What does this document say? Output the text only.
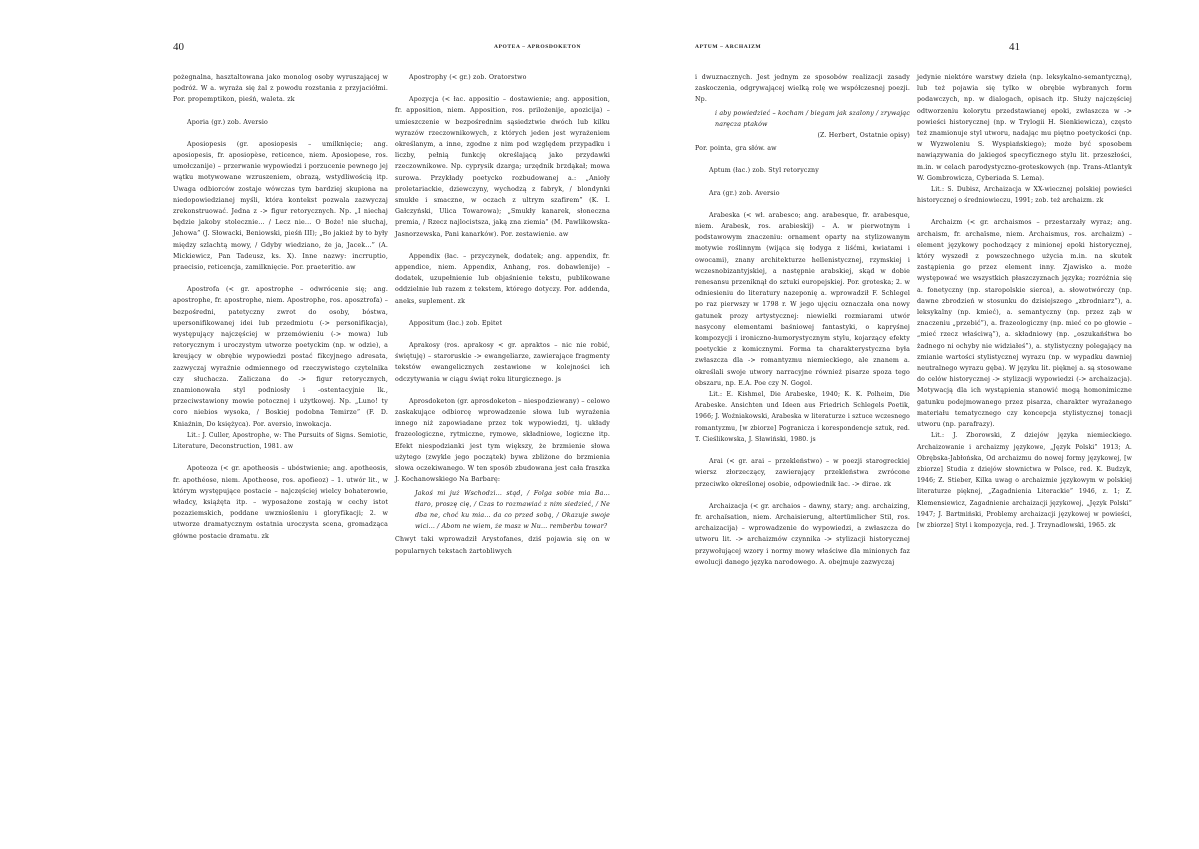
40	APOTEA – APROSDOKETON	APTUM – ARCHAIZM	41

pożegnalna, hasztaltowana jako monolog osoby wyruszającej w podróż. W a. wyraża się żal z powodu rozstania z przyjaciółmi. Por. propemptikon, pieśń, waleta. zk

Aporia (gr.) zob. Aversio

Aposiopesis (gr. aposiopesis – umilknięcie; ang. aposiopesis, fr. aposiopèse, reticence, niem. Aposiopese, ros. umołczanije) – przerwanie wypowiedzi i porzucenie pewnego jej wątku motywowane wzruszeniem, obrazą, wstydliwością itp. Uwaga odbiorców zostaje wówczas tym bardziej skupiona na niedopowiedzianej myśli, która kontekst pozwala zazwyczaj zrekonstruować. Jedna z -> figur retorycznych. Np. „I niechaj będzie jakoby stolecznie... / Lecz nie... O Boże! nie słuchaj, Jehowa” (J. Słowacki, Beniowski, pieśń III); „Bo jakież by to były między szlachtą mowy, / Gdyby wiedziano, że ja, Jacek...” (A. Mickiewicz, Pan Tadeusz, ks. X). Inne nazwy: incrruptio, praecisio, reticencja, zamilknięcie. Por. praeteritio. aw

Apostrofa (< gr. apostrophe – odwrócenie się; ang. apostrophe, fr. apostrophe, niem. Apostrophe, ros. aposztrofa) – bezpośredni, patetyczny zwrot do osoby, bóstwa, upersonifikowanej idei lub przedmiotu (-> personifikacja), występujący najczęściej w przemówieniu (-> mowa) lub retorycznym i uroczystym utworze poetyckim (np. w odzie), a kreujący w obrębie wypowiedzi postać fikcyjnego adresata, zazwyczaj wyraźnie odmiennego od rzeczywistego czytelnika czy słuchacza. Zaliczana do -> figur retorycznych, znamionowała styl podniosły i -ostentacyjnie lk., przeciwstawiony mowie potocznej i użytkowej. Np. „Luno! ty coro niebios wysoka, / Boskiej podobna Temirze” (F. D. Kniaźnin, Do księżyca). Por. aversio, inwokacja.

Lit.: J. Culler, Apostrophe, w: The Pursuits of Signs. Semiotic, Literature, Deconstruction, 1981. aw

Apoteoza (< gr. apotheosis – ubóstwienie; ang. apotheosis, fr. apothéose, niem. Apotheose, ros. apofieoz) – 1. utwór lit., w którym występujące postacie – najczęściej wielcy bohaterowie, władcy, książęta itp. – wyposażone zostają w cechy istot pozaziemskich, poddane uwzniośleniu i gloryfikacji; 2. w utworze dramatycznym ostatnia uroczysta scena, gromadząca główne postacie dramatu. zk

Apostrophy (< gr.) zob. Oratorstwo

Apozycja (< łac. appositio – dostawienie; ang. apposition, fr. apposition, niem. Apposition, ros. prilożenije, apozicija) – umieszczenie w bezpośrednim sąsiedztwie dwóch lub kilku wyrazów rzeczownikowych, z których jeden jest wyrażeniem określanym, a inne, zgodne z nim pod względem przypadku i liczby, pełnią funkcję określającą jako przydawki rzeczownikowe. Np. cyprysik dzarga; urzędnik brzdąkał; mowa surowa. Przykłady poetycko rozbudowanej a.: „Anioły proletariackie, dziewczyny, wychodzą z fabryk, / blondynki smukłe i smaczne, w oczach z ultrym szafirem” (K. I. Gałczyński, Ulica Towarowa); „Smukły kanarek, słoneczna premia, / Rzecz najlocistsza, jaką zna ziemia” (M. Pawlikowska-Jasnorzewska, Pani kanarków). Por. zestawienie. aw

Appendix (łac. – przyczynek, dodatek; ang. appendix, fr. appendice, niem. Appendix, Anhang, ros. dobawlenije) – dodatek, uzupełnienie lub objaśnienie tekstu, publikowane oddzielnie lub razem z tekstem, którego dotyczy. Por. addenda, aneks, suplement. zk

Appositum (łac.) zob. Epitet

Aprakosy (ros. aprakosy < gr. apraktos – nic nie robić, świętuję) – staroruskie -> ewangeliarze, zawierające fragmenty tekstów ewangelicznych zestawione w kolejności ich odczytywania w ciągu świąt roku liturgicznego. js

Aprosdoketon (gr. aprosdoketon – niespodziewany) – celowo zaskakujące odbiorcę wprowadzenie słowa lub wyrażenia innego niż zapowiadane przez tok wypowiedzi, tj. układy frazeologiczne, rytmiczne, rymowe, składniowe, logiczne itp. Efekt niespodzianki jest tym większy, że brzmienie słowa użytego (zwykle jego początek) bywa zbliżone do brzmienia słowa oczekiwanego. W ten sposób zbudowana jest cała fraszka J. Kochanowskiego Na Barbarę:

Jakoś mi już Wschodzi... stąd, / Folga sobie mia Ba... tłaro, proszę cię, / Czas to rozmawiać z nim siedzieć, / Ne dba ne, choć ku mia... da co przed sobą, / Okazuje swoje wici... / Abom ne wiem, że masz w Nu... remberbu towar?

Chwyt taki wprowadził Arystofanes, dziś pojawia się on w popularnych tekstach żartobliwych

i dwuznacznych. Jest jednym ze sposobów realizacji zasady zaskoczenia, odgrywającej wielką rolę we współczesnej poezji. Np.

i aby powiedzieć – kocham / biegam jak szalony / zrywając naręcza ptaków

(Z. Herbert, Ostatnie opisy)

Por. pointa, gra słów. aw

Aptum (łac.) zob. Styl retoryczny

Ara (gr.) zob. Aversio

Arabeska (< wł. arabesco; ang. arabesque, fr. arabesque, niem. Arabesk, ros. arabieskij) – A. w pierwotnym i podstawowym znaczeniu: ornament oparty na stylizowanym motywie roślinnym (wijąca się łodyga z liśćmi, kwiatami i owocami), znany architekturze hellenistycznej, rzymskiej i wczesnobizantyjskiej, a następnie arabskiej, skąd w dobie renesansu przeniknął do sztuki europejskiej. Por. groteska; 2. w odniesieniu do literatury nazeponię a. wprowadził F. Schlegel po raz pierwszy w 1798 r. W jego ujęciu oznaczała ona nowy gatunek prozy artystycznej: niewielki rozmiarami utwór nasycony elementami baśniowej fantastyki, o kapryśnej kompozycji i ironiczno-humorystycznym stylu, kojarzący efekty poetyckie z komicznymi. Forma ta charakterystyczna była zwłaszcza dla -> romantyzmu niemieckiego, ale znanem a. określali swoje utwory narracyjne również pisarze spoza tego obszaru, np. E.A. Poe czy N. Gogol.

Lit.: E. Kishmel, Die Arabeske, 1940; K. K. Polheim, Die Arabeske. Ansichten und Ideen aus Friedrich Schlegels Poetik, 1966; J. Woźniakowski, Arabeska w literaturze i sztuce wczesnego romantyzmu, [w zbiorze] Pogranicza i korespondencje sztuk, red. T. Cieślikowska, J. Sławiński, 1980. js

Arai (< gr. arai – przekleństwo) – w poezji starogreckiej wiersz złorzeczący, zawierający przekleństwa zwrócone przeciwko określonej osobie, odpowiednik łac. -> dirae. zk

Archaizacja (< gr. archaios – dawny, stary; ang. archaizing, fr. archaïsation, niem. Archaisierung, altertümlicher Stil, ros. archaizacija) – wprowadzenie do wypowiedzi, a zwłaszcza do utworu lit. -> archaizmów czynnika -> stylizacji historycznej przywołującej wzory i normy mowy właściwe dla minionych faz ewolucji danego języka narodowego. A. obejmuje zazwyczaj

jedynie niektóre warstwy dzieła (np. leksykalno-semantyczną), lub też pojawia się tylko w obrębie wybranych form podawczych, np. w dialogach, opisach itp. Służy najczęściej odtworzeniu kolorytu przedstawianej epoki, zwłaszcza w -> powieści historycznej (np. w Trylogii H. Sienkiewicza), często też znamionuje styl utworu, nadając mu piętno poetyckości (np. w Wyzwoleniu S. Wyspiańskiego); może być sposobem nawiązywania do jakiegoś specyficznego stylu lit. przeszłości, m.in. w celach parodystyczno-groteskowych (np. Trans-Atlantyk W. Gombrowicza, Cyberiada S. Lema).

Lit.: S. Dubisz, Archaizacja w XX-wiecznej polskiej powieści historycznej o średniowieczu, 1991; zob. też archaizm. zk

Archaizm (< gr. archaismos – przestarzały wyraz; ang. archaism, fr. archaïsme, niem. Archaismus, ros. archaizm) – element językowy pochodzący z minionej epoki historycznej, który wyszedł z powszechnego użycia m.in. na skutek zastąpienia go przez element inny. Zjawisko a. może występować we wszystkich płaszczyznach języka; rozróżnia się a. fonetyczny (np. staropolskie sierca), a. słowotwórczy (np. dawne zbrodzień w stosunku do dzisiejszego „zbrodniarz”), a. leksykalny (np. kmieć), a. semantyczny (np. przez ząb w znaczeniu „przebić”), a. frazeologiczny (np. mieć co po głowie – „mieć rzecz właściwą”), a. składniowy (np. „oszukańśtwa bo żadnego ni ochyby nie widziałeś”), a. stylistyczny polegający na zmianie wartości stylistycznej wyrazu (np. w wypadku dawniej neutralnego wyrazu gęba). W języku lit. pięknej a. są stosowane do celów historycznej -> stylizacji wypowiedzi (-> archaizacja). Motywacją dla ich wystąpienia stanowić mogą homonimiczne gatunku podejmowanego przez pisarza, charakter wyrażanego materiału tematycznego czy koncepcja stylistycznej tonacji utworu (np. parafrazy).

Lit.: J. Zborowski, Z dziejów języka niemieckiego. Archaizowanie i archaizmy językowe, „Język Polski” 1913; A. Obrębska-Jabłońska, Od archaizmu do nowej formy językowej, [w zbiorze] Studia z dziejów słownictwa w Polsce, red. K. Budzyk, 1946; Z. Stieber, Kilka uwag o archaizmie językowym w polskiej literaturze pięknej, „Zagadnienia Literackie” 1946, z. 1; Z. Klemensiewicz, Zagadnienie archaizacji językowej, „Język Polski” 1947; J. Bartmiński, Problemy archaizacji językowej w powieści, [w zbiorze] Styl i kompozycja, red. J. Trzynadlowski, 1965. zk
